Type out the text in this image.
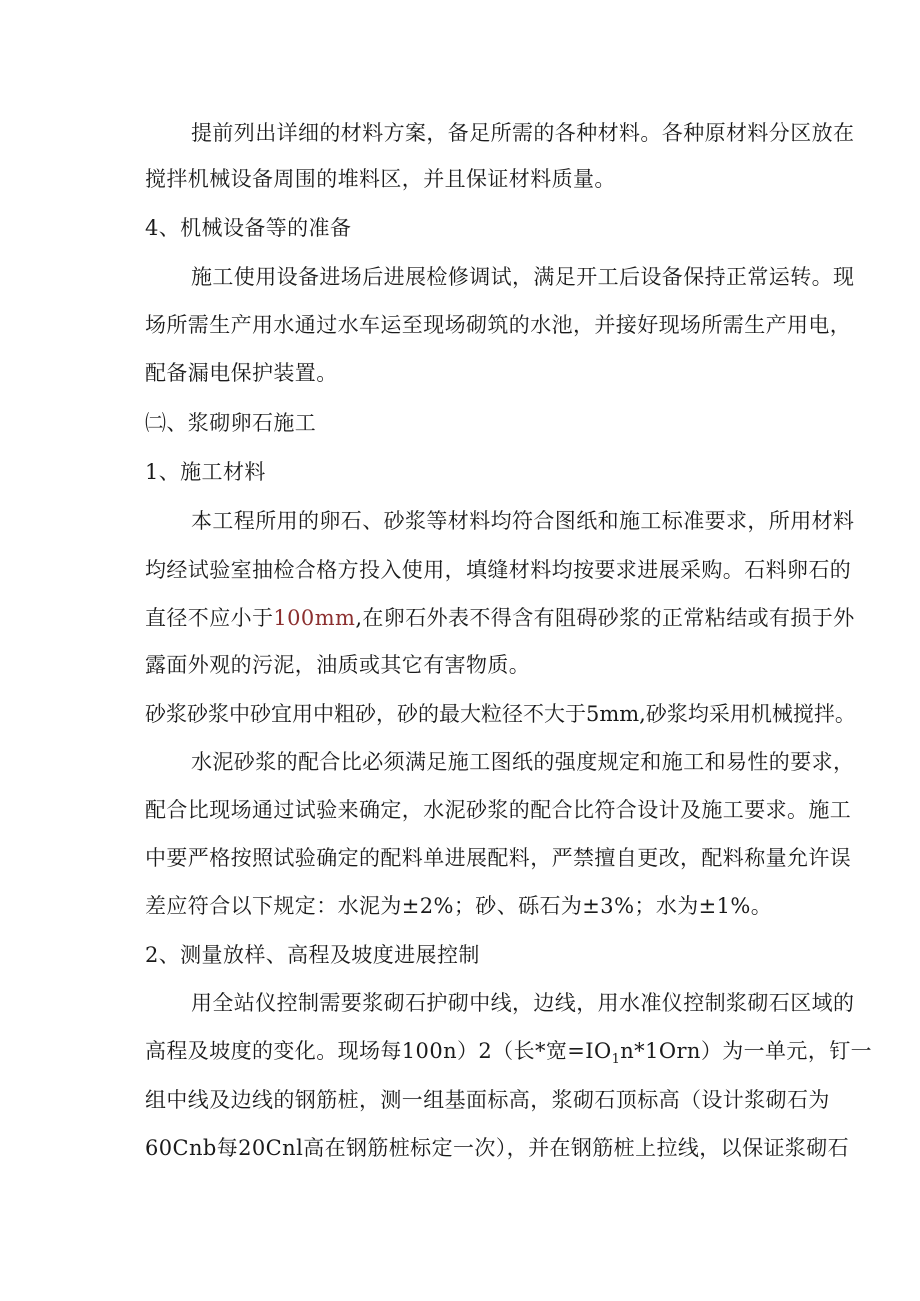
提前列出详细的材料方案，备足所需的各种材料。各种原材料分区放在
搅拌机械设备周围的堆料区，并且保证材料质量。
4、机械设备等的准备
施工使用设备进场后进展检修调试，满足开工后设备保持正常运转。现
场所需生产用水通过水车运至现场砌筑的水池，并接好现场所需生产用电，
配备漏电保护装置。
㈡、浆砌卵石施工
1、施工材料
本工程所用的卵石、砂浆等材料均符合图纸和施工标准要求，所用材料
均经试验室抽检合格方投入使用，填缝材料均按要求进展采购。石料卵石的
直径不应小于100mm,在卵石外表不得含有阻碍砂浆的正常粘结或有损于外
露面外观的污泥，油质或其它有害物质。
砂浆砂浆中砂宜用中粗砂，砂的最大粒径不大于5mm,砂浆均采用机械搅拌。
水泥砂浆的配合比必须满足施工图纸的强度规定和施工和易性的要求，
配合比现场通过试验来确定，水泥砂浆的配合比符合设计及施工要求。施工
中要严格按照试验确定的配料单进展配料，严禁擅自更改，配料称量允许误
差应符合以下规定：水泥为±2%；砂、砾石为±3%；水为±1%。
2、测量放样、高程及坡度进展控制
用全站仪控制需要浆砌石护砌中线，边线，用水准仪控制浆砌石区域的
高程及坡度的变化。现场每100n）2（长*宽$=IO_1n*1Orn$）为一单元，钉一
组中线及边线的钢筋桩，测一组基面标高，浆砌石顶标高（设计浆砌石为
60Cnb每20Cnl高在钢筋桩标定一次），并在钢筋桩上拉线，以保证浆砌石
